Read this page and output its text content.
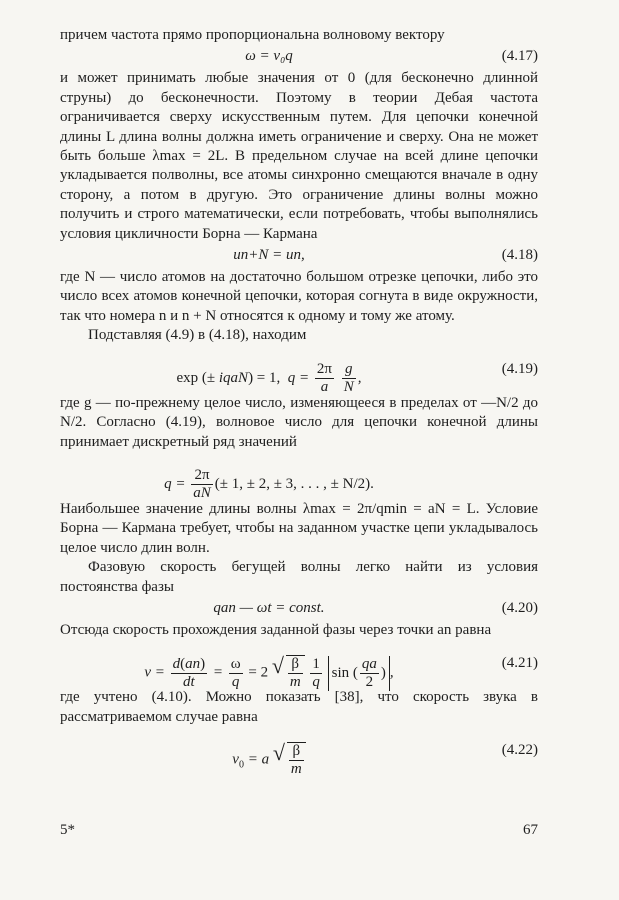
причем частота прямо пропорциональна волновому вектору

ω = v₀q	(4.17)

и может принимать любые значения от 0 (для бесконечно длинной струны) до бесконечности. Поэтому в теории Дебая частота ограничивается сверху искусственным путем. Для цепочки конечной длины L длина волны должна иметь ограничение и сверху. Она не может быть больше λmax = 2L. В предельном случае на всей длине цепочки укладывается полволны, все атомы синхронно смещаются вначале в одну сторону, а потом в другую. Это ограничение длины волны можно получить и строго математически, если потребовать, чтобы выполнялись условия цикличности Борна — Кармана

un+N = un,	(4.18)

где N — число атомов на достаточно большом отрезке цепочки, либо это число всех атомов конечной цепочки, которая согнута в виде окружности, так что номера n и n + N относятся к одному и тому же атому.

Подставляя (4.9) в (4.18), находим

exp (± iqaN) = 1,  $q = \frac{2\pi}{a}$
$\frac{g}{N}$ ,
(4.19)

где g — по-прежнему целое число, изменяющееся в пределах от —N/2 до N/2. Согласно (4.19), волновое число для цепочки конечной длины принимает дискретный ряд значений

$q = \frac{2\pi}{aN}$ (± 1, ± 2, ± 3, . . . , ± N/2).

Наибольшее значение длины волны λmax = 2π/qmin = aN = L. Условие Борна — Кармана требует, чтобы на заданном участке цепи укладывалось целое число длин волн.

Фазовую скорость бегущей волны легко найти из условия постоянства фазы

qan — ωt = const.	(4.20)

Отсюда скорость прохождения заданной фазы через точки an равна

$v = \frac{d(an)}{dt} = \frac{\omega}{q} = 2$ √ $\frac{\beta}{m}$
$\frac{1}{q}$ sin ( $\frac{qa}{2}$ ) ,
(4.21)

где учтено (4.10). Можно показать [38], что скорость звука в рассматриваемом случае равна

$v_0 = a$ √ $\frac{\beta}{m}$	(4.22)
5*	67
